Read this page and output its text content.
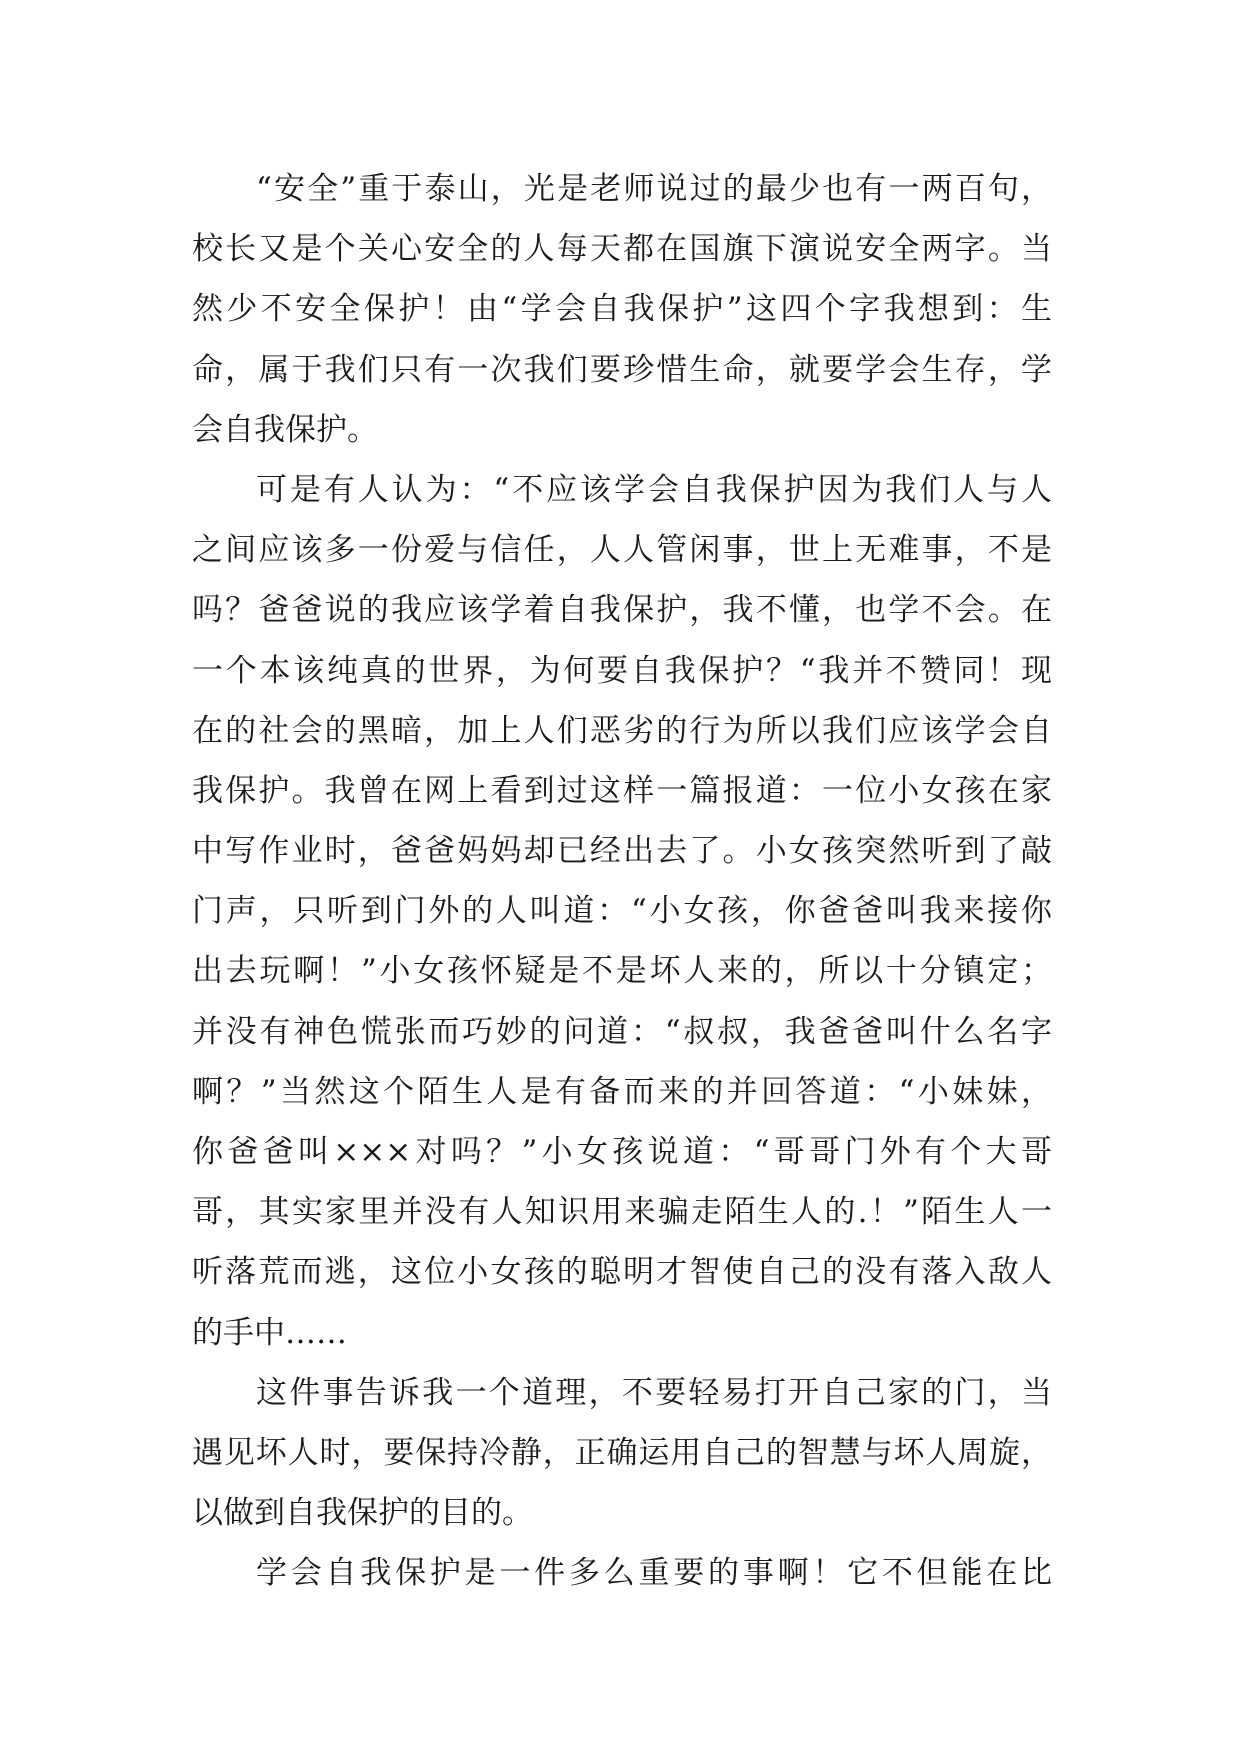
“安全”重于泰山，光是老师说过的最少也有一两百句，
校长又是个关心安全的人每天都在国旗下演说安全两字。当
然少不安全保护！由“学会自我保护”这四个字我想到：生
命，属于我们只有一次我们要珍惜生命，就要学会生存，学
会自我保护。
可是有人认为：“不应该学会自我保护因为我们人与人
之间应该多一份爱与信任，人人管闲事，世上无难事，不是
吗？爸爸说的我应该学着自我保护，我不懂，也学不会。在
一个本该纯真的世界，为何要自我保护？“我并不赞同！现
在的社会的黑暗，加上人们恶劣的行为所以我们应该学会自
我保护。我曾在网上看到过这样一篇报道：一位小女孩在家
中写作业时，爸爸妈妈却已经出去了。小女孩突然听到了敲
门声，只听到门外的人叫道：“小女孩，你爸爸叫我来接你
出去玩啊！”小女孩怀疑是不是坏人来的，所以十分镇定；
并没有神色慌张而巧妙的问道：“叔叔，我爸爸叫什么名字
啊？”当然这个陌生人是有备而来的并回答道：“小妹妹，
你爸爸叫×××对吗？”小女孩说道：“哥哥门外有个大哥
哥，其实家里并没有人知识用来骗走陌生人的.！”陌生人一
听落荒而逃，这位小女孩的聪明才智使自己的没有落入敌人
的手中……
这件事告诉我一个道理，不要轻易打开自己家的门，当
遇见坏人时，要保持冷静，正确运用自己的智慧与坏人周旋，
以做到自我保护的目的。
学会自我保护是一件多么重要的事啊！它不但能在比
